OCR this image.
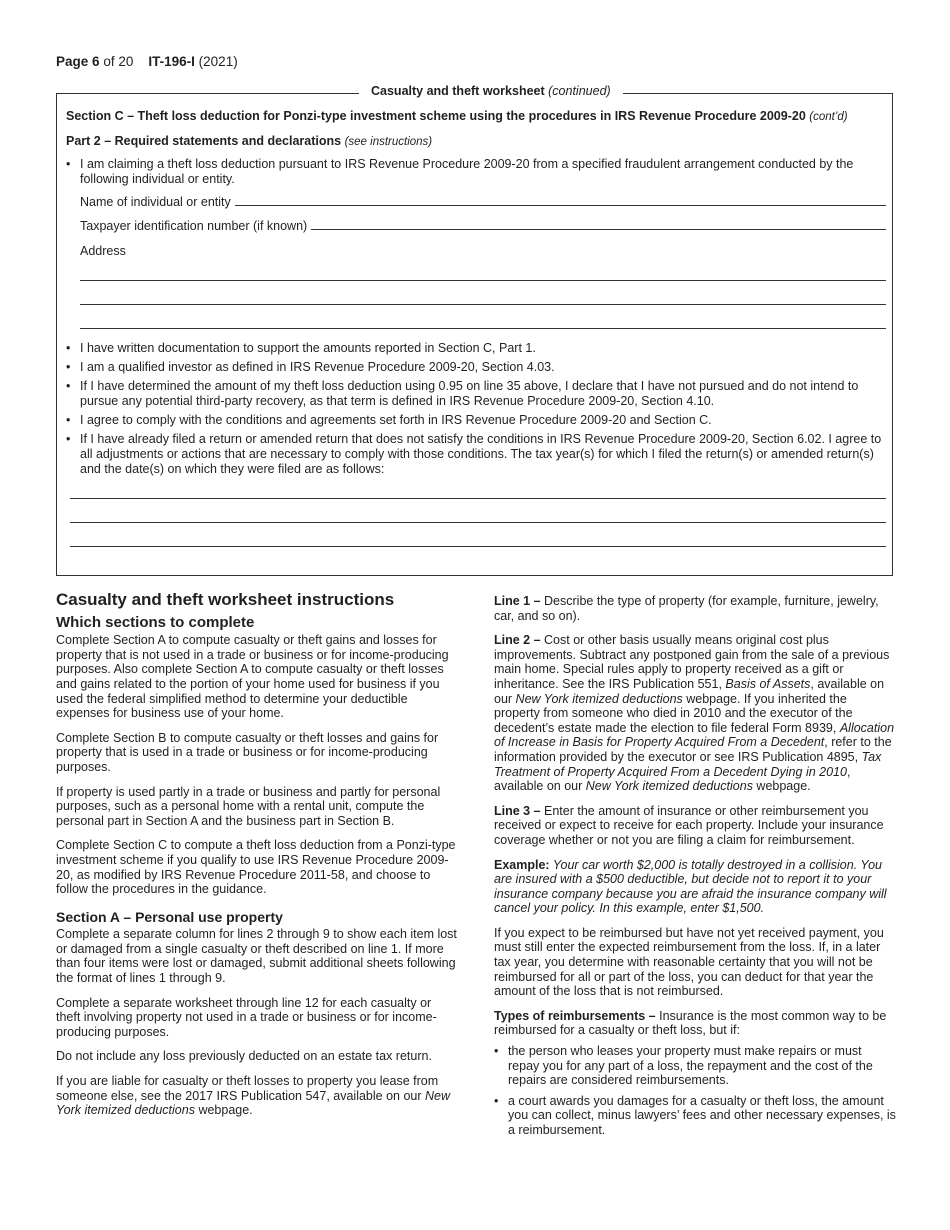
Page 6 of 20 IT-196-I (2021)
Casualty and theft worksheet (continued)
Section C – Theft loss deduction for Ponzi-type investment scheme using the procedures in IRS Revenue Procedure 2009-20 (cont’d)
Part 2 – Required statements and declarations (see instructions)
• I am claiming a theft loss deduction pursuant to IRS Revenue Procedure 2009-20 from a specified fraudulent arrangement conducted by the following individual or entity.
Name of individual or entity
Taxpayer identification number (if known)
Address
• I have written documentation to support the amounts reported in Section C, Part 1.
• I am a qualified investor as defined in IRS Revenue Procedure 2009-20, Section 4.03.
• If I have determined the amount of my theft loss deduction using 0.95 on line 35 above, I declare that I have not pursued and do not intend to pursue any potential third-party recovery, as that term is defined in IRS Revenue Procedure 2009-20, Section 4.10.
• I agree to comply with the conditions and agreements set forth in IRS Revenue Procedure 2009-20 and Section C.
• If I have already filed a return or amended return that does not satisfy the conditions in IRS Revenue Procedure 2009-20, Section 6.02. I agree to all adjustments or actions that are necessary to comply with those conditions. The tax year(s) for which I filed the return(s) or amended return(s) and the date(s) on which they were filed are as follows:
Casualty and theft worksheet instructions
Which sections to complete

Complete Section A to compute casualty or theft gains and losses for property that is not used in a trade or business or for income-producing purposes. Also complete Section A to compute casualty or theft losses and gains related to the portion of your home used for business if you used the federal simplified method to determine your deductible expenses for business use of your home.

Complete Section B to compute casualty or theft losses and gains for property that is used in a trade or business or for income-producing purposes.

If property is used partly in a trade or business and partly for personal purposes, such as a personal home with a rental unit, compute the personal part in Section A and the business part in Section B.

Complete Section C to compute a theft loss deduction from a Ponzi-type investment scheme if you qualify to use IRS Revenue Procedure 2009-20, as modified by IRS Revenue Procedure 2011-58, and choose to follow the procedures in the guidance.

Section A – Personal use property

Complete a separate column for lines 2 through 9 to show each item lost or damaged from a single casualty or theft described on line 1. If more than four items were lost or damaged, submit additional sheets following the format of lines 1 through 9.

Complete a separate worksheet through line 12 for each casualty or theft involving property not used in a trade or business or for income-producing purposes.

Do not include any loss previously deducted on an estate tax return.

If you are liable for casualty or theft losses to property you lease from someone else, see the 2017 IRS Publication 547, available on our New York itemized deductions webpage.

Line 1 – Describe the type of property (for example, furniture, jewelry, car, and so on).

Line 2 – Cost or other basis usually means original cost plus improvements. Subtract any postponed gain from the sale of a previous main home. Special rules apply to property received as a gift or inheritance. See the IRS Publication 551, Basis of Assets, available on our New York itemized deductions webpage. If you inherited the property from someone who died in 2010 and the executor of the decedent’s estate made the election to file federal Form 8939, Allocation of Increase in Basis for Property Acquired From a Decedent, refer to the information provided by the executor or see IRS Publication 4895, Tax Treatment of Property Acquired From a Decedent Dying in 2010, available on our New York itemized deductions webpage.

Line 3 – Enter the amount of insurance or other reimbursement you received or expect to receive for each property. Include your insurance coverage whether or not you are filing a claim for reimbursement.

Example: Your car worth $2,000 is totally destroyed in a collision. You are insured with a $500 deductible, but decide not to report it to your insurance company because you are afraid the insurance company will cancel your policy. In this example, enter $1,500.

If you expect to be reimbursed but have not yet received payment, you must still enter the expected reimbursement from the loss. If, in a later tax year, you determine with reasonable certainty that you will not be reimbursed for all or part of the loss, you can deduct for that year the amount of the loss that is not reimbursed.

Types of reimbursements – Insurance is the most common way to be reimbursed for a casualty or theft loss, but if:

• the person who leases your property must make repairs or must repay you for any part of a loss, the repayment and the cost of the repairs are considered reimbursements.
• a court awards you damages for a casualty or theft loss, the amount you can collect, minus lawyers’ fees and other necessary expenses, is a reimbursement.
